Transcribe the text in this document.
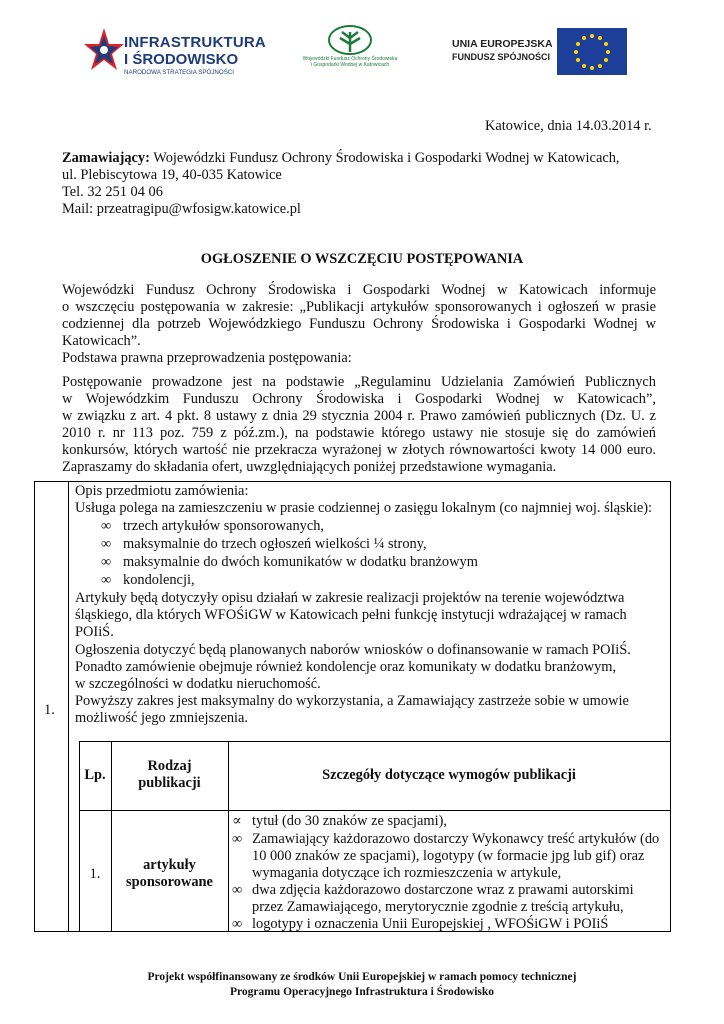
INFRASTRUKTURA
I ŚRODOWISKO
NARODOWA STRATEGIA SPÓJNOŚCI
Wojewódzki Fundusz Ochrony Środowiska
i Gospodarki Wodnej w Katowicach
UNIA EUROPEJSKA
FUNDUSZ SPÓJNOŚCI
Katowice, dnia 14.03.2014 r.
Zamawiający: Wojewódzki Fundusz Ochrony Środowiska i Gospodarki Wodnej w Katowicach,
ul. Plebiscytowa 19, 40-035 Katowice
Tel. 32 251 04 06
Mail: przeatragipu@wfosigw.katowice.pl
OGŁOSZENIE O WSZCZĘCIU POSTĘPOWANIA
Wojewódzki Fundusz Ochrony Środowiska i Gospodarki Wodnej w Katowicach informuje
o wszczęciu postępowania w zakresie: „Publikacji artykułów sponsorowanych i ogłoszeń w prasie
codziennej dla potrzeb Wojewódzkiego Funduszu Ochrony Środowiska i Gospodarki Wodnej w
Katowicach”.
Podstawa prawna przeprowadzenia postępowania:
Postępowanie prowadzone jest na podstawie „Regulaminu Udzielania Zamówień Publicznych
w Wojewódzkim Funduszu Ochrony Środowiska i Gospodarki Wodnej w Katowicach”,
w związku z art. 4 pkt. 8 ustawy z dnia 29 stycznia 2004 r. Prawo zamówień publicznych (Dz. U. z
2010 r. nr 113 poz. 759 z póź.zm.), na podstawie którego ustawy nie stosuje się do zamówień
konkursów, których wartość nie przekracza wyrażonej w złotych równowartości kwoty 14 000 euro.
Zapraszamy do składania ofert, uwzględniających poniżej przedstawione wymagania.
1.
Opis przedmiotu zamówienia:
Usługa polega na zamieszczeniu w prasie codziennej o zasięgu lokalnym (co najmniej woj. śląskie):
∞ trzech artykułów sponsorowanych,
∞ maksymalnie do trzech ogłoszeń wielkości ¼ strony,
∞ maksymalnie do dwóch komunikatów w dodatku branżowym
∞ kondolencji,
Artykuły będą dotyczyły opisu działań w zakresie realizacji projektów na terenie województwa
śląskiego, dla których WFOŚiGW w Katowicach pełni funkcję instytucji wdrażającej w ramach
POIiŚ.
Ogłoszenia dotyczyć będą planowanych naborów wniosków o dofinansowanie w ramach POIiŚ.
Ponadto zamówienie obejmuje również kondolencje oraz komunikaty w dodatku branżowym,
w szczególności w dodatku nieruchomość.
Powyższy zakres jest maksymalny do wykorzystania, a Zamawiający zastrzeże sobie w umowie
możliwość jego zmniejszenia.
Lp.
Rodzaj
publikacji	Szczegóły dotyczące wymogów publikacji
1.
artykuły
sponsorowane
∝ tytuł (do 30 znaków ze spacjami),
∞ Zamawiający każdorazowo dostarczy Wykonawcy treść artykułów (do
10 000 znaków ze spacjami), logotypy (w formacie jpg lub gif) oraz
wymagania dotyczące ich rozmieszczenia w artykule,
∞ dwa zdjęcia każdorazowo dostarczone wraz z prawami autorskimi
przez Zamawiającego, merytorycznie zgodnie z treścią artykułu,
∞ logotypy i oznaczenia Unii Europejskiej , WFOŚiGW i POIiŚ
Projekt współfinansowany ze środków Unii Europejskiej w ramach pomocy technicznej
Programu Operacyjnego Infrastruktura i Środowisko
